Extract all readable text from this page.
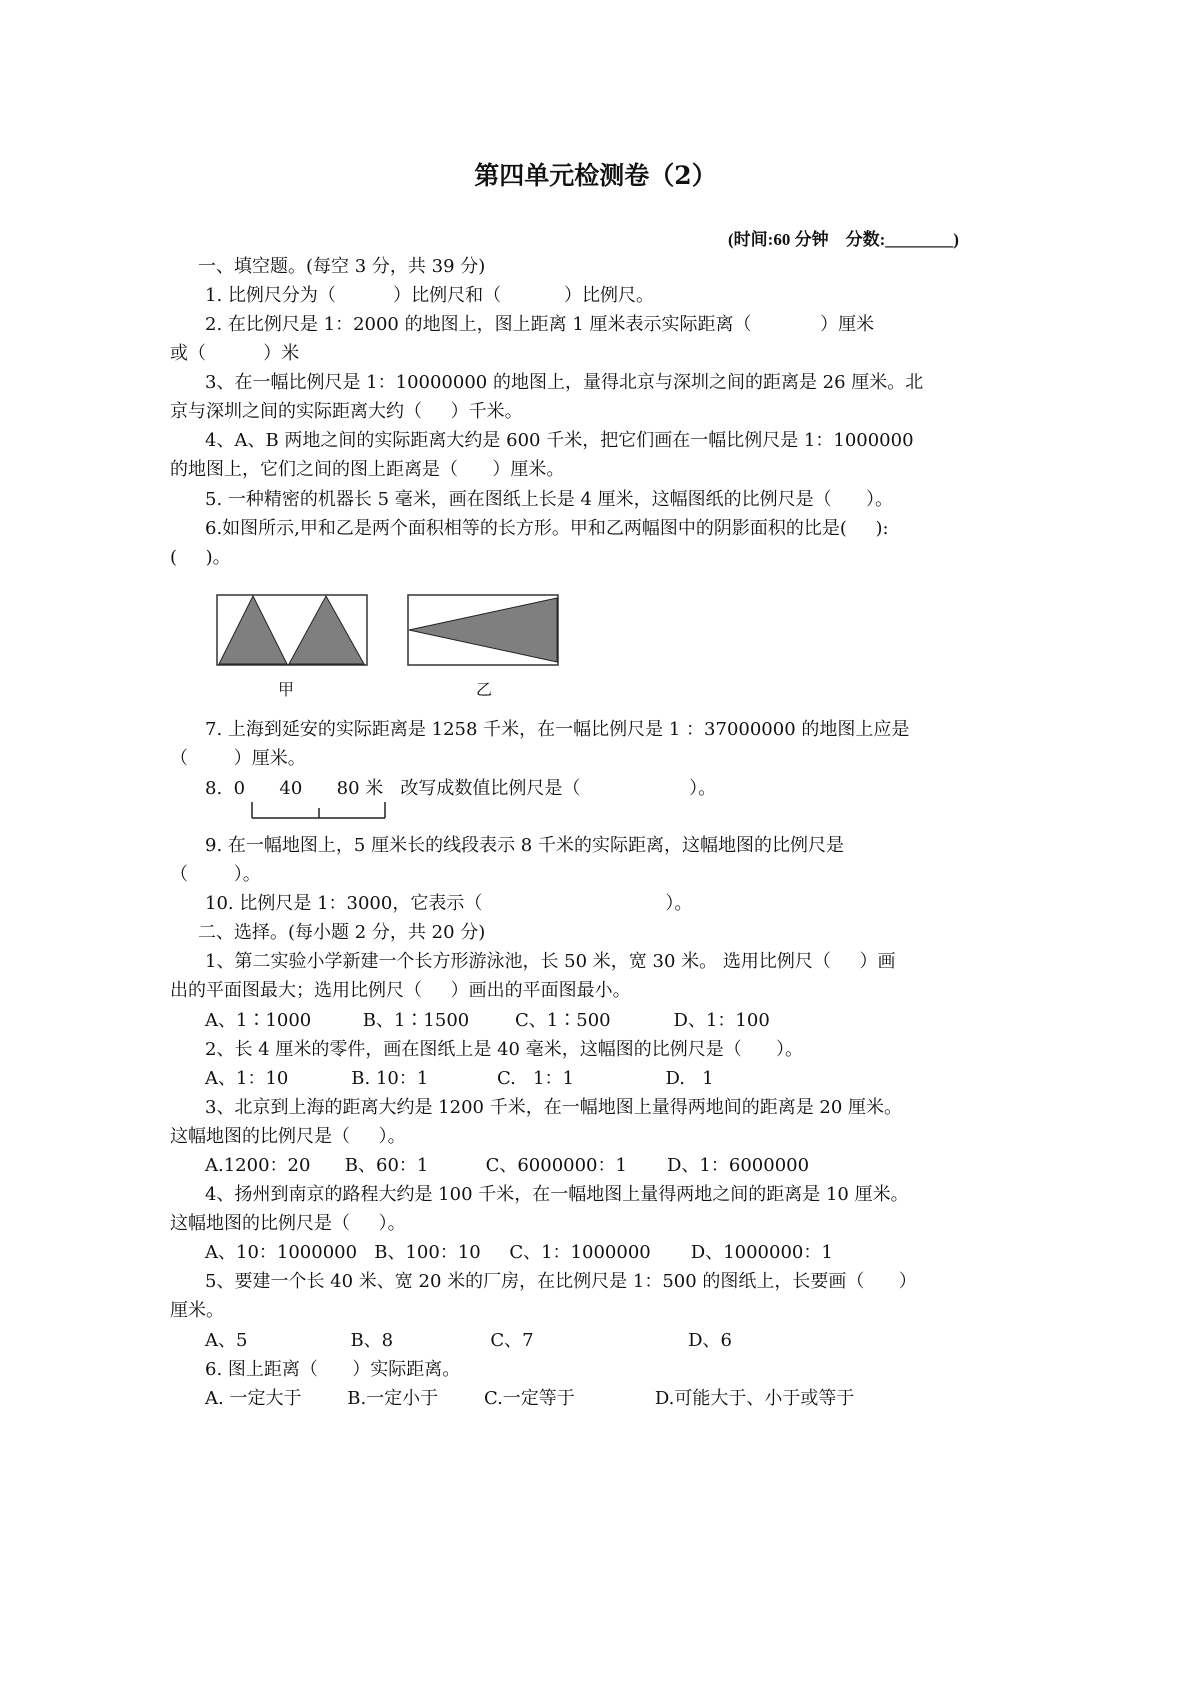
第四单元检测卷（2）
(时间:60 分钟    分数:________)
一、填空题。(每空 3 分，共 39 分)
1. 比例尺分为（          ）比例尺和（           ）比例尺。
2. 在比例尺是 1：2000 的地图上，图上距离 1 厘米表示实际距离（            ）厘米
或（          ）米
3、在一幅比例尺是 1：10000000 的地图上，量得北京与深圳之间的距离是 26 厘米。北
京与深圳之间的实际距离大约（     ）千米。
4、A、B 两地之间的实际距离大约是 600 千米，把它们画在一幅比例尺是 1：1000000
的地图上，它们之间的图上距离是（      ）厘米。
5. 一种精密的机器长 5 毫米，画在图纸上长是 4 厘米，这幅图纸的比例尺是（      ）。
6.如图所示,甲和乙是两个面积相等的长方形。甲和乙两幅图中的阴影面积的比是(     ):
(     )。
甲	乙
7. 上海到延安的实际距离是 1258 千米，在一幅比例尺是 1 ：37000000 的地图上应是
（        ）厘米。
8.  0      40      80 米   改写成数值比例尺是（                   ）。
9. 在一幅地图上，5 厘米长的线段表示 8 千米的实际距离，这幅地图的比例尺是
（        ）。
10. 比例尺是 1：3000，它表示（                                ）。
二、选择。(每小题 2 分，共 20 分)
1、第二实验小学新建一个长方形游泳池，长 50 米，宽 30 米。 选用比例尺（     ）画
出的平面图最大；选用比例尺（     ）画出的平面图最小。
A、1∶1000         B、1∶1500        C、1∶500           D、1：100
2、长 4 厘米的零件，画在图纸上是 40 毫米，这幅图的比例尺是（      ）。
A、1：10           B. 10：1            C.   1：1                D.   1
3、北京到上海的距离大约是 1200 千米，在一幅地图上量得两地间的距离是 20 厘米。
这幅地图的比例尺是（     ）。
A.1200：20      B、60：1          C、6000000：1       D、1：6000000
4、扬州到南京的路程大约是 100 千米，在一幅地图上量得两地之间的距离是 10 厘米。
这幅地图的比例尺是（     ）。
A、10：1000000   B、100：10     C、1：1000000       D、1000000：1
5、要建一个长 40 米、宽 20 米的厂房，在比例尺是 1：500 的图纸上，长要画（      ）
厘米。
A、5                  B、8                 C、7                           D、6
6. 图上距离（      ）实际距离。
A. 一定大于        B.一定小于        C.一定等于              D.可能大于、小于或等于
